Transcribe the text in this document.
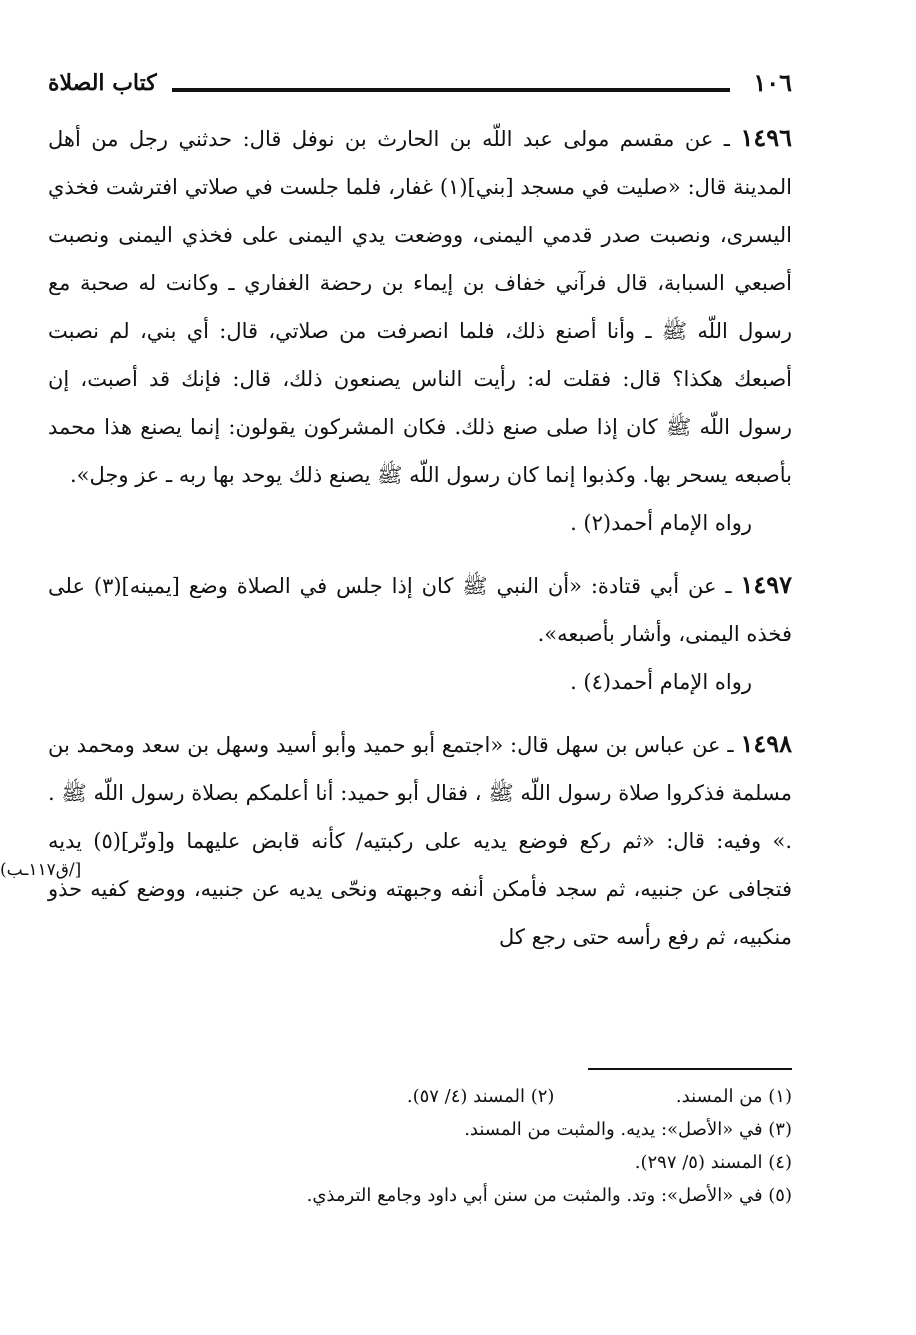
١٠٦
كتاب الصلاة

١٤٩٦ ـ عن مقسم مولى عبد اللّه بن الحارث بن نوفل قال: حدثني رجل من أهل المدينة قال: «صليت في مسجد [بني](١) غفار، فلما جلست في صلاتي افترشت فخذي اليسرى، ونصبت صدر قدمي اليمنى، ووضعت يدي اليمنى على فخذي اليمنى ونصبت أصبعي السبابة، قال فرآني خفاف بن إيماء بن رحضة الغفاري ـ وكانت له صحبة مع رسول اللّه ﷺ ـ وأنا أصنع ذلك، فلما انصرفت من صلاتي، قال: أي بني، لم نصبت أصبعك هكذا؟ قال: فقلت له: رأيت الناس يصنعون ذلك، قال: فإنك قد أصبت، إن رسول اللّه ﷺ كان إذا صلى صنع ذلك. فكان المشركون يقولون: إنما يصنع هذا محمد بأصبعه يسحر بها. وكذبوا إنما كان رسول اللّه ﷺ يصنع ذلك يوحد بها ربه ـ عز وجل».

رواه الإمام أحمد(٢) .

١٤٩٧ ـ عن أبي قتادة: «أن النبي ﷺ كان إذا جلس في الصلاة وضع [يمينه](٣) على فخذه اليمنى، وأشار بأصبعه».

رواه الإمام أحمد(٤) .

١٤٩٨ ـ عن عباس بن سهل قال: «اجتمع أبو حميد وأبو أسيد وسهل بن سعد ومحمد بن مسلمة فذكروا صلاة رسول اللّه ﷺ ، فقال أبو حميد: أنا أعلمكم بصلاة رسول اللّه ﷺ . .» وفيه: قال: «ثم ركع فوضع يديه على ركبتيه/ كأنه قابض عليهما و[وتّر](٥) يديه فتجافى عن جنبيه، ثم سجد فأمكن أنفه وجبهته ونحّى يديه عن جنبيه، ووضع كفيه حذو منكبيه، ثم رفع رأسه حتى رجع كل

[/ق١١٧ـب)

(١) من المسند.  (٢) المسند (٤/ ٥٧).

(٣) في «الأصل»: يديه. والمثبت من المسند.

(٤) المسند (٥/ ٢٩٧).

(٥) في «الأصل»: وتد. والمثبت من سنن أبي داود وجامع الترمذي.
